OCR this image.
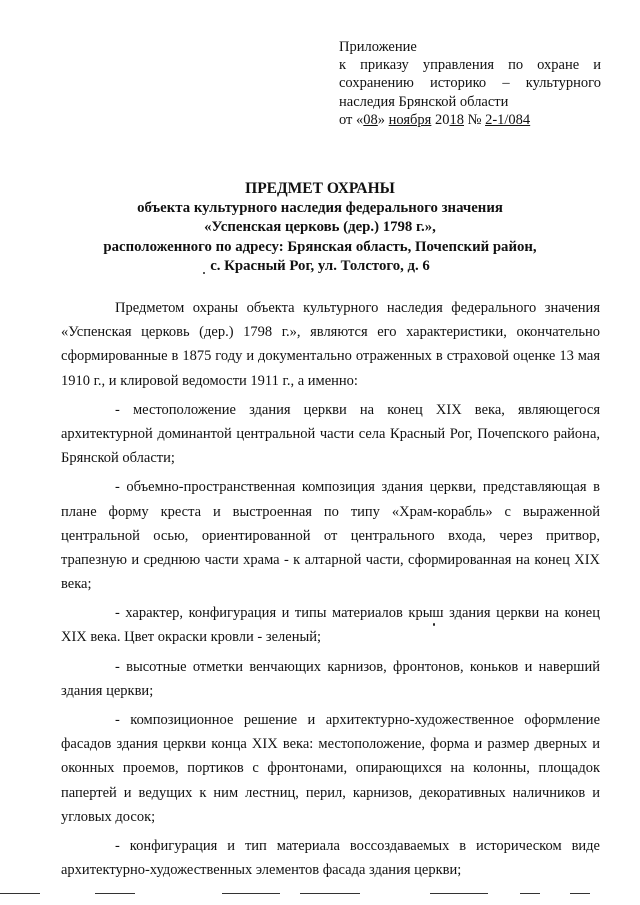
Приложение
к приказу управления по охране и
сохранению историко – культурного
наследия Брянской области
от «08» ноября 2018 № 2-1/084
ПРЕДМЕТ ОХРАНЫ
объекта культурного наследия федерального значения
«Успенская церковь (дер.) 1798 г.»,
расположенного по адресу: Брянская область, Почепский район,
с. Красный Рог, ул. Толстого, д. 6
Предметом охраны объекта культурного наследия федерального значения
«Успенская церковь (дер.) 1798 г.», являются его характеристики, окончательно
сформированные в 1875 году и документально отраженных в страховой оценке 13 мая
1910 г., и клировой ведомости 1911 г., а именно:
- местоположение здания церкви на конец XIX века, являющегося
архитектурной доминантой центральной части села Красный Рог, Почепского района,
Брянской области;
- объемно-пространственная композиция здания церкви, представляющая в
плане форму креста и выстроенная по типу «Храм-корабль» с выраженной
центральной осью, ориентированной от центрального входа, через притвор,
трапезную и среднюю части храма - к алтарной части, сформированная на конец XIX
века;
- характер, конфигурация и типы материалов крыш здания церкви на конец
XIX века. Цвет окраски кровли - зеленый;
- высотные отметки венчающих карнизов, фронтонов, коньков и наверший
здания церкви;
- композиционное решение и архитектурно-художественное оформление
фасадов здания церкви конца XIX века: местоположение, форма и размер дверных и
оконных проемов, портиков с фронтонами, опирающихся на колонны, площадок
папертей и ведущих к ним лестниц, перил, карнизов, декоративных наличников и
угловых досок;
- конфигурация и тип материала воссоздаваемых в историческом виде
архитектурно-художественных элементов фасада здания церкви;
